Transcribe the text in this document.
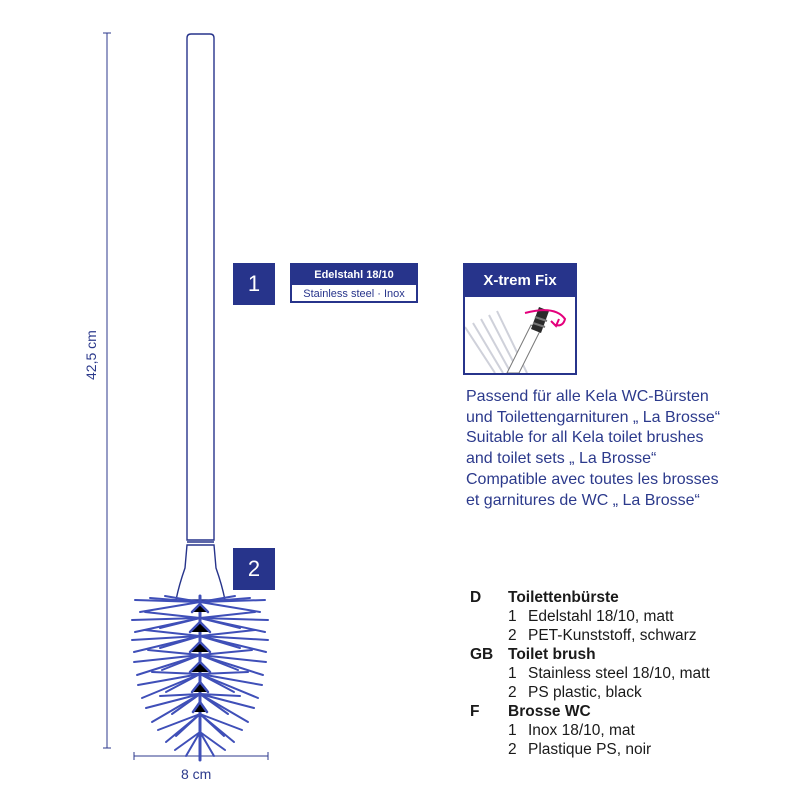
42,5 cm
8 cm
1
2
Edelstahl 18/10
Stainless steel · Inox
X-trem Fix
Passend für alle Kela WC-Bürsten
und Toilettengarnituren „ La Brosse“
Suitable for all Kela toilet brushes
and toilet sets „ La Brosse“
Compatible avec toutes les brosses
et garnitures de WC „ La Brosse“
D	Toilettenbürste
1 Edelstahl 18/10, matt
2 PET-Kunststoff, schwarz
GB Toilet brush
1 Stainless steel 18/10, matt
2 PS plastic, black
F	Brosse WC
1 Inox 18/10, mat
2 Plastique PS, noir
